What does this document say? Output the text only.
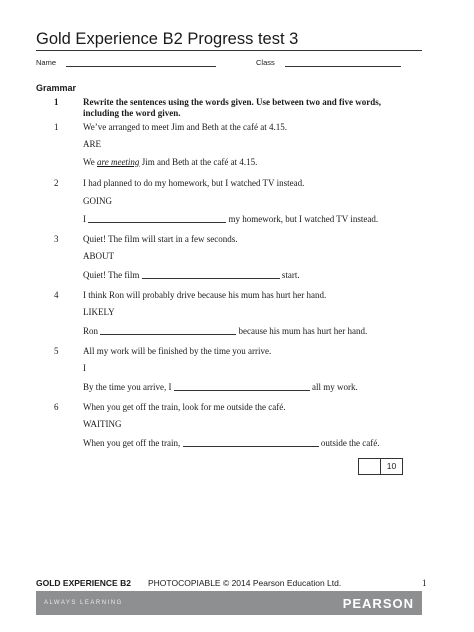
Gold Experience B2 Progress test 3
Name	Class
Grammar
1	Rewrite the sentences using the words given. Use between two and five words, including the word given.
1	We’ve arranged to meet Jim and Beth at the café at 4.15.
ARE
We are meeting Jim and Beth at the café at 4.15.
2	I had planned to do my homework, but I watched TV instead.
GOING
I	my homework, but I watched TV instead.
3	Quiet! The film will start in a few seconds.
ABOUT
Quiet! The film	start.
4	I think Ron will probably drive because his mum has hurt her hand.
LIKELY
Ron	because his mum has hurt her hand.
5	All my work will be finished by the time you arrive.
I
By the time you arrive, I	all my work.
6	When you get off the train, look for me outside the café.
WAITING
When you get off the train,	outside the café.
10
GOLD EXPERIENCE B2 PHOTOCOPIABLE © 2014 Pearson Education Ltd.	1
ALWAYS LEARNING	PEARSON
